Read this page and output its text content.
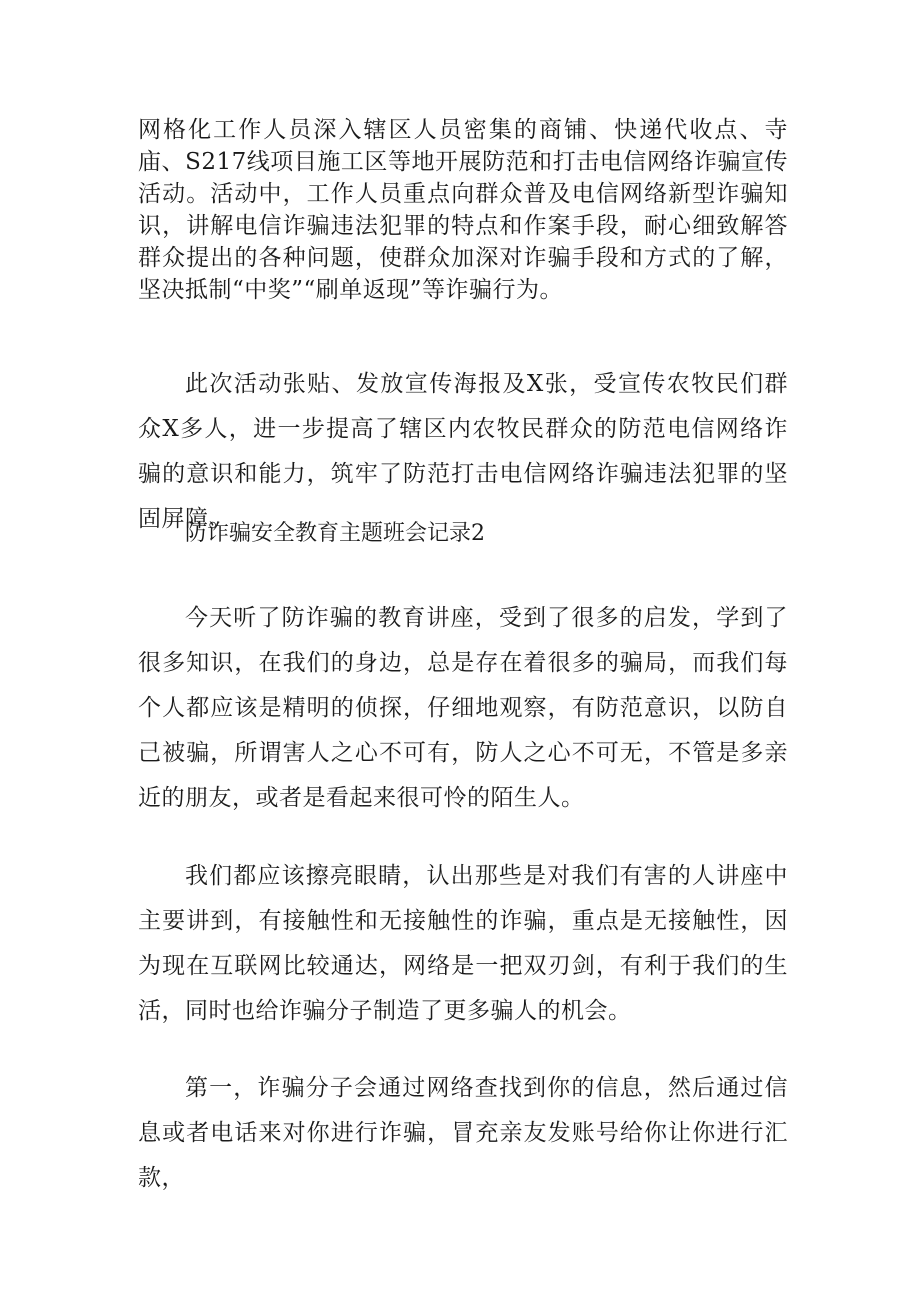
网格化工作人员深入辖区人员密集的商铺、快递代收点、寺庙、S217线项目施工区等地开展防范和打击电信网络诈骗宣传活动。活动中，工作人员重点向群众普及电信网络新型诈骗知识，讲解电信诈骗违法犯罪的特点和作案手段，耐心细致解答群众提出的各种问题，使群众加深对诈骗手段和方式的了解，坚决抵制“中奖”“刷单返现”等诈骗行为。

此次活动张贴、发放宣传海报及X张，受宣传农牧民们群众X多人，进一步提高了辖区内农牧民群众的防范电信网络诈骗的意识和能力，筑牢了防范打击电信网络诈骗违法犯罪的坚固屏障。

防诈骗安全教育主题班会记录2

今天听了防诈骗的教育讲座，受到了很多的启发，学到了很多知识，在我们的身边，总是存在着很多的骗局，而我们每个人都应该是精明的侦探，仔细地观察，有防范意识，以防自己被骗，所谓害人之心不可有，防人之心不可无，不管是多亲近的朋友，或者是看起来很可怜的陌生人。

我们都应该擦亮眼睛，认出那些是对我们有害的人讲座中主要讲到，有接触性和无接触性的诈骗，重点是无接触性，因为现在互联网比较通达，网络是一把双刃剑，有利于我们的生活，同时也给诈骗分子制造了更多骗人的机会。

第一，诈骗分子会通过网络查找到你的信息，然后通过信息或者电话来对你进行诈骗，冒充亲友发账号给你让你进行汇款，
